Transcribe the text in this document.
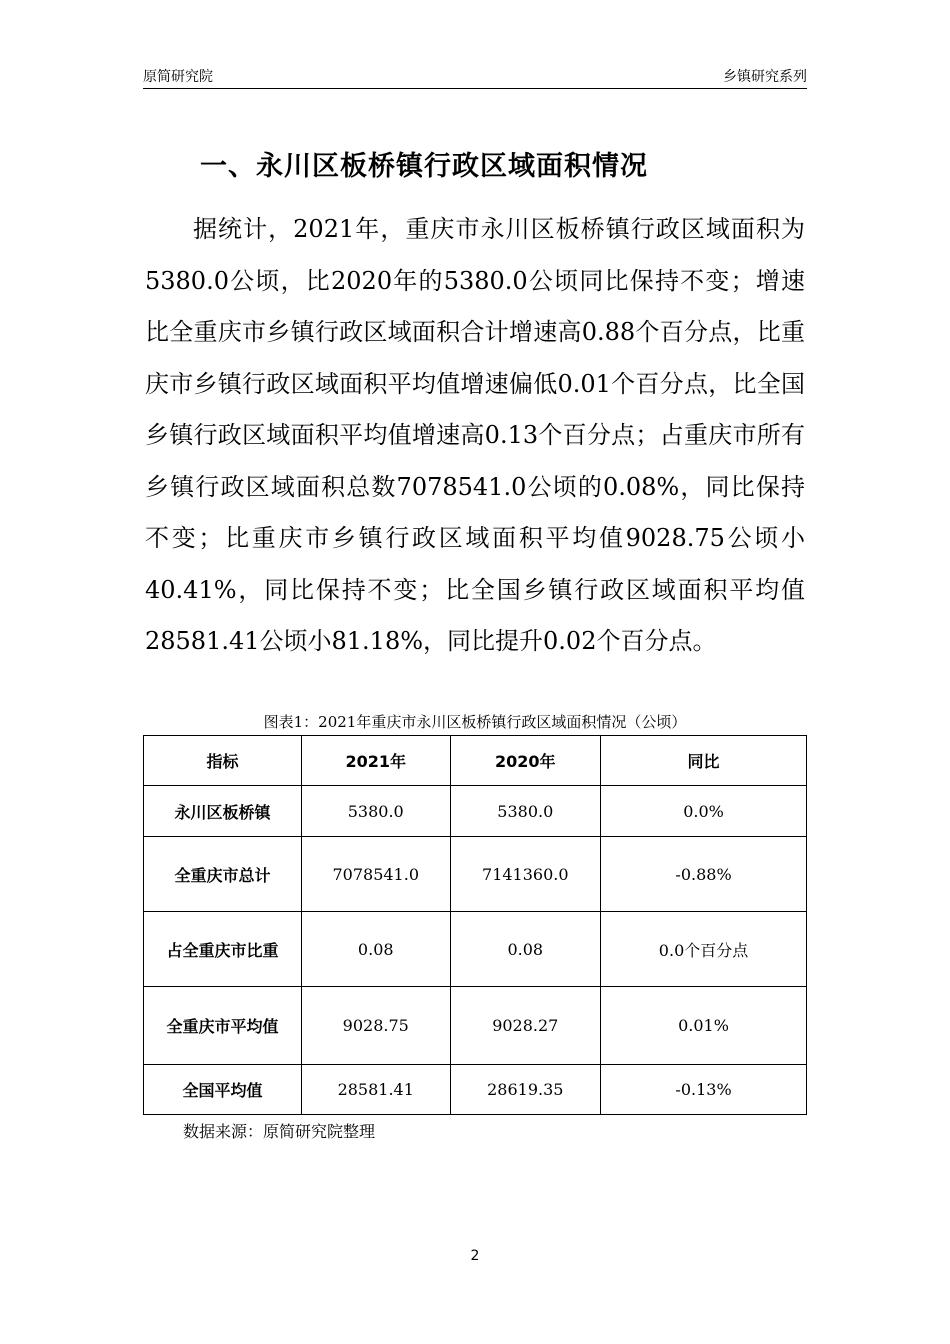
原简研究院	乡镇研究系列
一、永川区板桥镇行政区域面积情况

据统计，2021年，重庆市永川区板桥镇行政区域面积为5380.0公顷，比2020年的5380.0公顷同比保持不变；增速比全重庆市乡镇行政区域面积合计增速高0.88个百分点，比重庆市乡镇行政区域面积平均值增速偏低0.01个百分点，比全国乡镇行政区域面积平均值增速高0.13个百分点；占重庆市所有乡镇行政区域面积总数7078541.0公顷的0.08%，同比保持不变；比重庆市乡镇行政区域面积平均值9028.75公顷小40.41%，同比保持不变；比全国乡镇行政区域面积平均值28581.41公顷小81.18%，同比提升0.02个百分点。

图表1：2021年重庆市永川区板桥镇行政区域面积情况（公顷）
指标	2021年	2020年	同比
永川区板桥镇	5380.0	5380.0	0.0%
全重庆市总计	7078541.0	7141360.0	-0.88%
占全重庆市比重	0.08	0.08	0.0个百分点
全重庆市平均值	9028.75	9028.27	0.01%
全国平均值	28581.41	28619.35	-0.13%
数据来源：原简研究院整理
2
